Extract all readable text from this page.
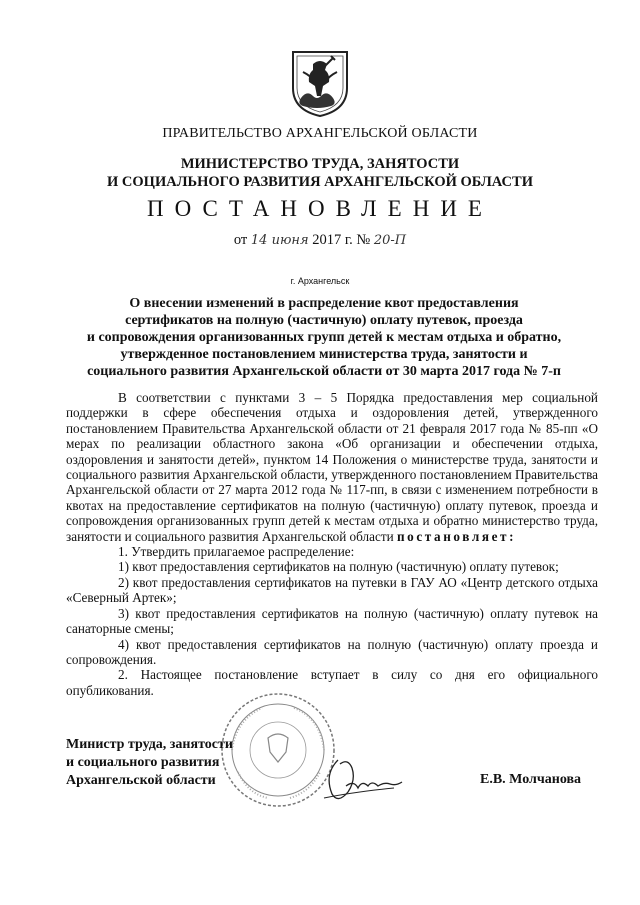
ПРАВИТЕЛЬСТВО АРХАНГЕЛЬСКОЙ ОБЛАСТИ
МИНИСТЕРСТВО ТРУДА, ЗАНЯТОСТИ
И СОЦИАЛЬНОГО РАЗВИТИЯ АРХАНГЕЛЬСКОЙ ОБЛАСТИ
ПОСТАНОВЛЕНИЕ
от 14 июня 2017 г. № 20-П
г. Архангельск
О внесении изменений в распределение квот предоставления
сертификатов на полную (частичную) оплату путевок, проезда
и сопровождения организованных групп детей к местам отдыха и обратно,
утвержденное постановлением министерства труда, занятости и
социального развития Архангельской области от 30 марта 2017 года № 7-п

В соответствии с пунктами 3 – 5 Порядка предоставления мер социальной поддержки в сфере обеспечения отдыха и оздоровления детей, утвержденного постановлением Правительства Архангельской области от 21 февраля 2017 года № 85-пп «О мерах по реализации областного закона «Об организации и обеспечении отдыха, оздоровления и занятости детей», пунктом 14 Положения о министерстве труда, занятости и социального развития Архангельской области, утвержденного постановлением Правительства Архангельской области от 27 марта 2012 года № 117-пп, в связи с изменением потребности в квотах на предоставление сертификатов на полную (частичную) оплату путевок, проезда и сопровождения организованных групп детей к местам отдыха и обратно министерство труда, занятости и социального развития Архангельской области постановляет:

1. Утвердить прилагаемое распределение:

1) квот предоставления сертификатов на полную (частичную) оплату путевок;

2) квот предоставления сертификатов на путевки в ГАУ АО «Центр детского отдыха «Северный Артек»;

3) квот предоставления сертификатов на полную (частичную) оплату путевок на санаторные смены;

4) квот предоставления сертификатов на полную (частичную) оплату проезда и сопровождения.

2. Настоящее постановление вступает в силу со дня его официального опубликования.

Министр труда, занятости
и социального развития
Архангельской области	Е.В. Молчанова
